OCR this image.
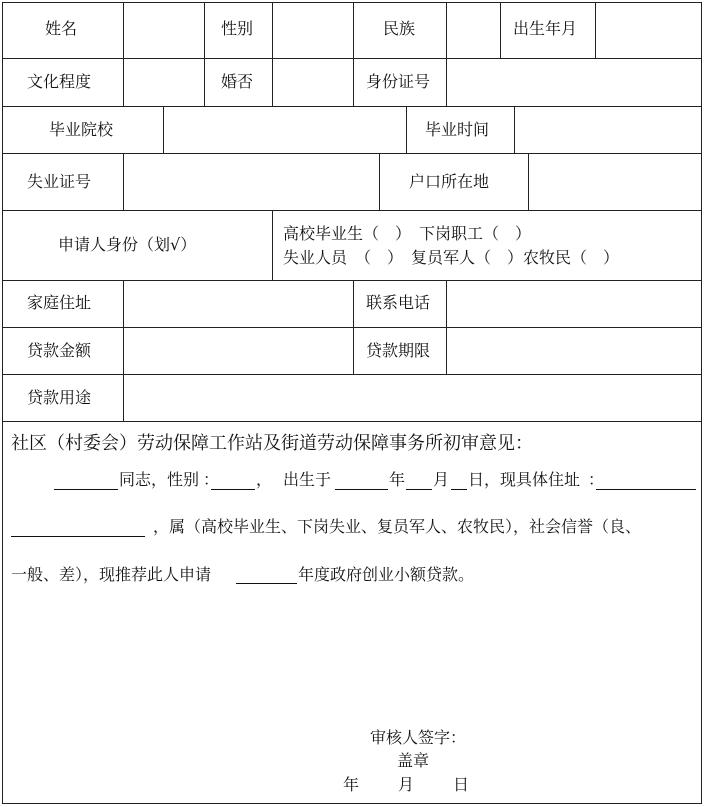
姓名	性别	民族	出生年月
文化程度	婚否	身份证号
毕业院校	毕业时间
失业证号	户口所在地
申请人身份（划√）
高校毕业生（　）　下岗职工（　）
失业人员　（　）　复员军人（　）农牧民（　）
家庭住址	联系电话
贷款金额	贷款期限
贷款用途
社区（村委会）劳动保障工作站及街道劳动保障事务所初审意见：
同志，性别 ： ， 出生于	年 月 日，现具体住址 ：
，属（高校毕业生、下岗失业、复员军人、农牧民），社会信誉（良、
一般、差），现推荐此人申请	年度政府创业小额贷款。
审核人签字：
盖章
年 月 日
